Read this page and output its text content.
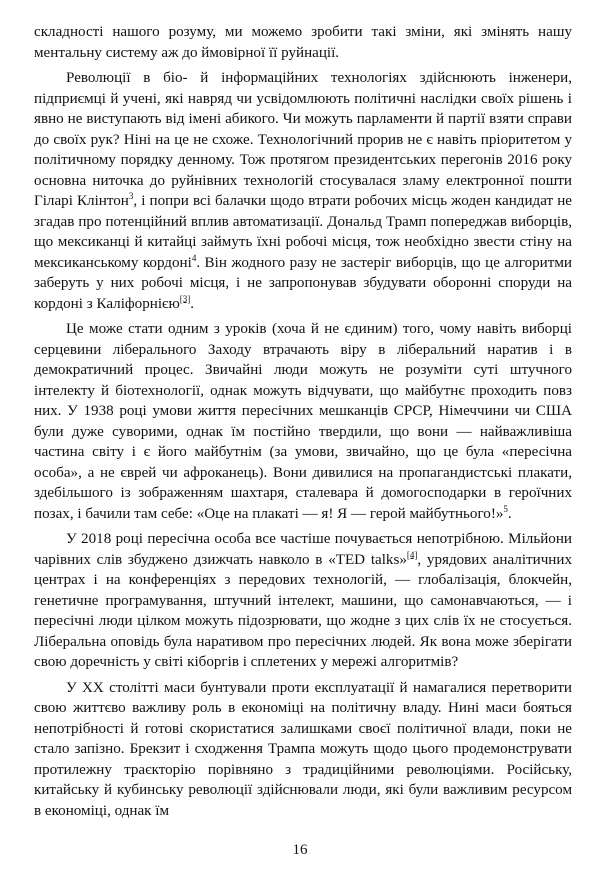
складності нашого розуму, ми можемо зробити такі зміни, які змінять нашу ментальну систему аж до ймовірної її руйнації.

Революції в біо- й інформаційних технологіях здійснюють інженери, підприємці й учені, які навряд чи усвідомлюють політичні наслідки своїх рішень і явно не виступають від імені абикого. Чи можуть парламенти й партії взяти справи до своїх рук? Ніні на це не схоже. Технологічний прорив не є навіть пріоритетом у політичному порядку денному. Тож протягом президентських перегонів 2016 року основна ниточка до руйнівних технологій стосувалася зламу електронної пошти Гіларі Клінтон$^3$, і попри всі балачки щодо втрати робочих місць жоден кандидат не згадав про потенційний вплив автоматизації. Дональд Трамп попереджав виборців, що мексиканці й китайці займуть їхні робочі місця, тож необхідно звести стіну на мексиканському кордоні$^4$. Він жодного разу не застеріг виборців, що це алгоритми заберуть у них робочі місця, і не запропонував збудувати оборонні споруди на кордоні з Каліфорнією[3].

Це може стати одним з уроків (хоча й не єдиним) того, чому навіть виборці серцевини ліберального Заходу втрачають віру в ліберальний наратив і в демократичний процес. Звичайні люди можуть не розуміти суті штучного інтелекту й біотехнології, однак можуть відчувати, що майбутнє проходить повз них. У 1938 році умови життя пересічних мешканців СРСР, Німеччини чи США були дуже суворими, однак їм постійно твердили, що вони — найважливіша частина світу і є його майбутнім (за умови, звичайно, що це була «пересічна особа», а не єврей чи афроканець). Вони дивилися на пропагандистські плакати, здебільшого із зображенням шахтаря, сталевара й домогосподарки в героїчних позах, і бачили там себе: «Оце на плакаті — я! Я — герой майбутнього!»$^5$.

У 2018 році пересічна особа все частіше почувається непотрібною. Мільйони чарівних слів збуджено дзижчать навколо в «TED talks»[4], урядових аналітичних центрах і на конференціях з передових технологій, — глобалізація, блокчейн, генетичне програмування, штучний інтелект, машини, що самонавчаються, — і пересічні люди цілком можуть підозрювати, що жодне з цих слів їх не стосується. Ліберальна оповідь була наративом про пересічних людей. Як вона може зберігати свою доречність у світі кіборгів і сплетених у мережі алгоритмів?

У XX столітті маси бунтували проти експлуатації й намагалися перетворити свою життєво важливу роль в економіці на політичну владу. Нині маси бояться непотрібності й готові скористатися залишками своєї політичної влади, поки не стало запізно. Брекзит і сходження Трампа можуть щодо цього продемонструвати протилежну траєкторію порівняно з традиційними революціями. Російську, китайську й кубинську революції здійснювали люди, які були важливим ресурсом в економіці, однак їм

16
